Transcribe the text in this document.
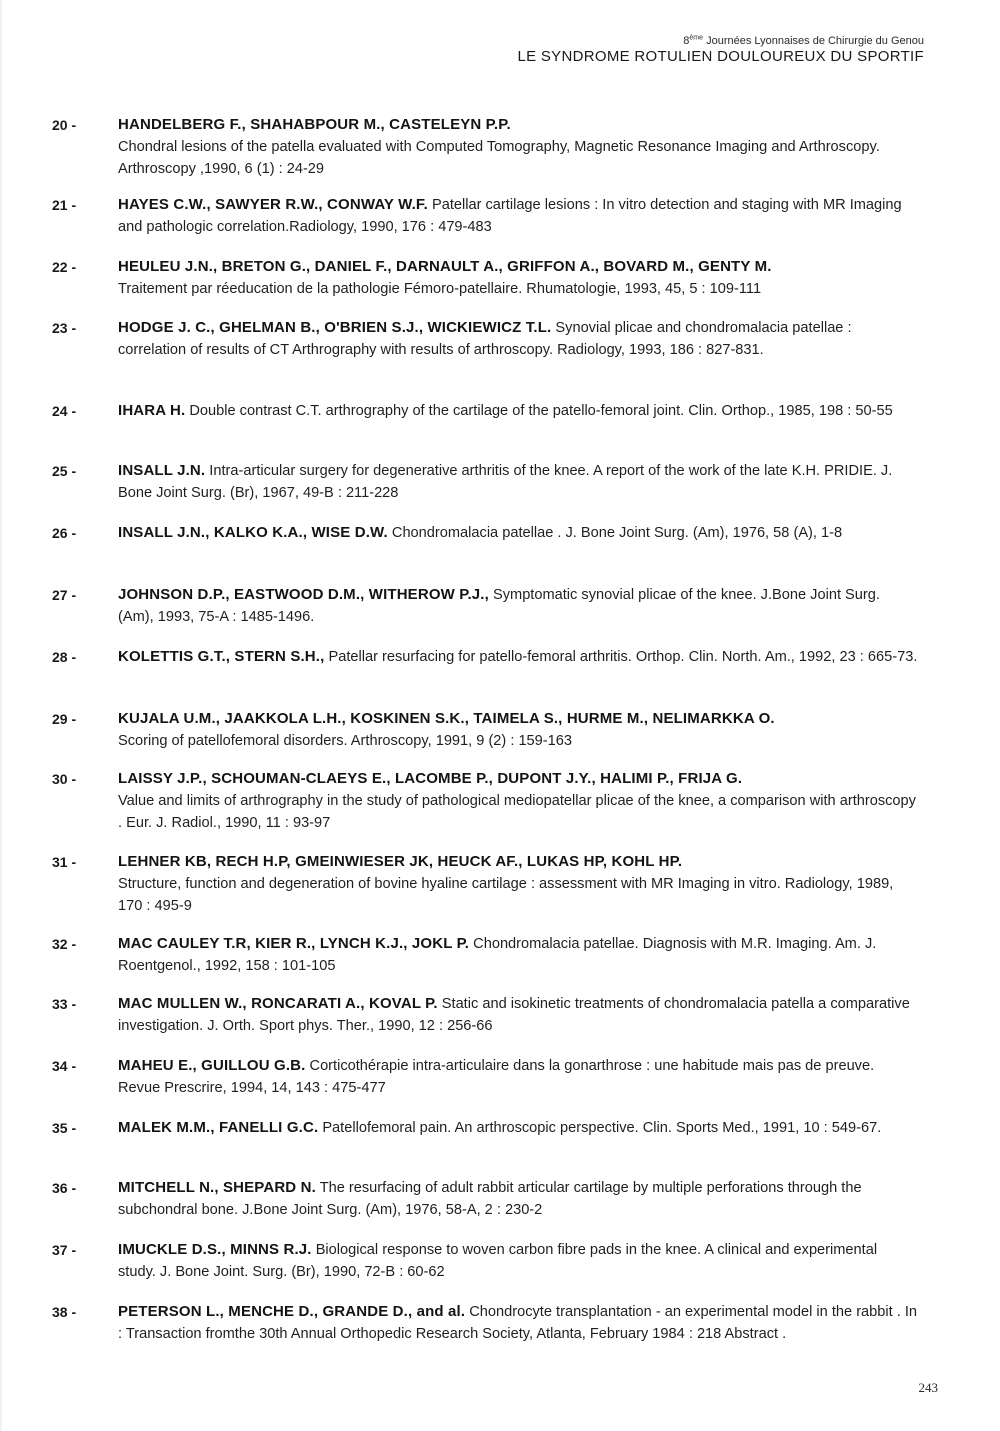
8ème Journées Lyonnaises de Chirurgie du Genou
LE SYNDROME ROTULIEN DOULOUREUX DU SPORTIF
20 -	HANDELBERG F., SHAHABPOUR M., CASTELEYN P.P.
Chondral lesions of the patella evaluated with Computed Tomography, Magnetic Resonance Imaging and Arthroscopy. Arthroscopy ,1990, 6 (1) : 24-29
21 -	HAYES C.W., SAWYER R.W., CONWAY W.F. Patellar cartilage lesions : In vitro detection and staging with MR Imaging and pathologic correlation.Radiology, 1990, 176 : 479-483
22 -	HEULEU J.N., BRETON G., DANIEL F., DARNAULT A., GRIFFON A., BOVARD M., GENTY M.
Traitement par réeducation de la pathologie Fémoro-patellaire. Rhumatologie, 1993, 45, 5 : 109-111
23 -	HODGE J. C., GHELMAN B., O'BRIEN S.J., WICKIEWICZ T.L. Synovial plicae and chondromalacia patellae : correlation of results of CT Arthrography with results of arthroscopy. Radiology, 1993, 186 : 827-831.
24 -	IHARA H. Double contrast C.T. arthrography of the cartilage of the patello-femoral joint. Clin. Orthop., 1985, 198 : 50-55
25 -	INSALL J.N. Intra-articular surgery for degenerative arthritis of the knee. A report of the work of the late K.H. PRIDIE. J. Bone Joint Surg. (Br), 1967, 49-B : 211-228
26 -	INSALL J.N., KALKO K.A., WISE D.W. Chondromalacia patellae . J. Bone Joint Surg. (Am), 1976, 58 (A), 1-8
27 -	JOHNSON D.P., EASTWOOD D.M., WITHEROW P.J., Symptomatic synovial plicae of the knee. J.Bone Joint Surg. (Am), 1993, 75-A : 1485-1496.
28 -	KOLETTIS G.T., STERN S.H., Patellar resurfacing for patello-femoral arthritis. Orthop. Clin. North. Am., 1992, 23 : 665-73.
29 -	KUJALA U.M., JAAKKOLA L.H., KOSKINEN S.K., TAIMELA S., HURME M., NELIMARKKA O.
Scoring of patellofemoral disorders. Arthroscopy, 1991, 9 (2) : 159-163
30 -	LAISSY J.P., SCHOUMAN-CLAEYS E., LACOMBE P., DUPONT J.Y., HALIMI P., FRIJA G.
Value and limits of arthrography in the study of pathological mediopatellar plicae of the knee, a comparison with arthroscopy . Eur. J. Radiol., 1990, 11 : 93-97
31 -	LEHNER KB, RECH H.P, GMEINWIESER JK, HEUCK AF., LUKAS HP, KOHL HP.
Structure, function and degeneration of bovine hyaline cartilage : assessment with MR Imaging in vitro. Radiology, 1989, 170 : 495-9
32 -	MAC CAULEY T.R, KIER R., LYNCH K.J., JOKL P. Chondromalacia patellae. Diagnosis with M.R. Imaging. Am. J. Roentgenol., 1992, 158 : 101-105
33 -	MAC MULLEN W., RONCARATI A., KOVAL P. Static and isokinetic treatments of chondromalacia patella a comparative investigation. J. Orth. Sport phys. Ther., 1990, 12 : 256-66
34 -	MAHEU E., GUILLOU G.B. Corticothérapie intra-articulaire dans la gonarthrose : une habitude mais pas de preuve. Revue Prescrire, 1994, 14, 143 : 475-477
35 -	MALEK M.M., FANELLI G.C. Patellofemoral pain. An arthroscopic perspective. Clin. Sports Med., 1991, 10 : 549-67.
36 -	MITCHELL N., SHEPARD N. The resurfacing of adult rabbit articular cartilage by multiple perforations through the subchondral bone. J.Bone Joint Surg. (Am), 1976, 58-A, 2 : 230-2
37 -	IMUCKLE D.S., MINNS R.J. Biological response to woven carbon fibre pads in the knee. A clinical and experimental study. J. Bone Joint. Surg. (Br), 1990, 72-B : 60-62
38 -	PETERSON L., MENCHE D., GRANDE D., and al. Chondrocyte transplantation - an experimental model in the rabbit . In : Transaction fromthe 30th Annual Orthopedic Research Society, Atlanta, February 1984 : 218 Abstract .
243
